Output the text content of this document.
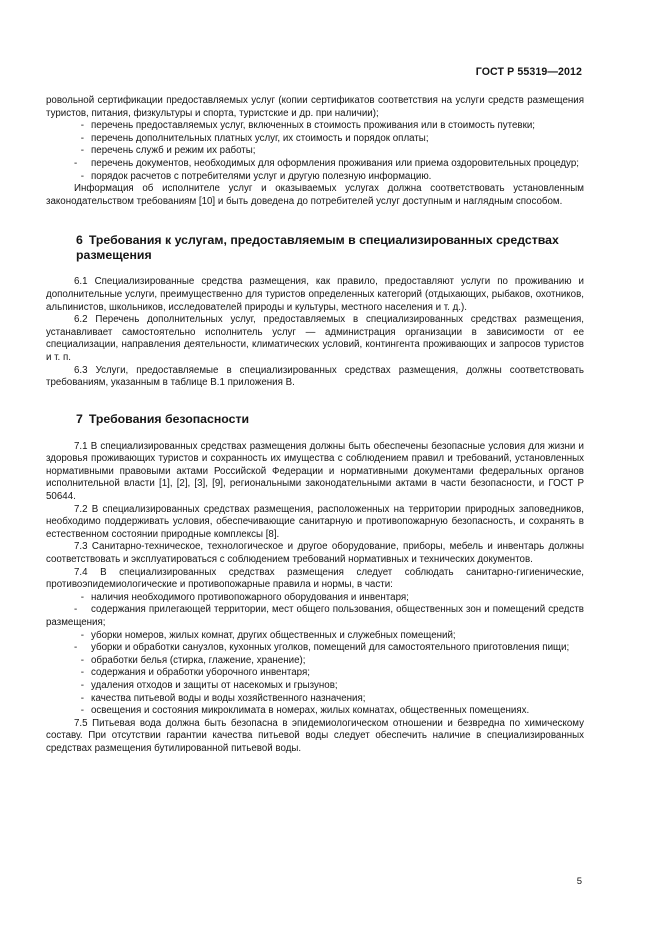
ГОСТ Р 55319—2012

ровольной сертификации предоставляемых услуг (копии сертификатов соответствия на услуги средств размещения туристов, питания, физкультуры и спорта, туристские и др. при наличии);

- перечень предоставляемых услуг, включенных в стоимость проживания или в стоимость путевки;
- перечень дополнительных платных услуг, их стоимость и порядок оплаты;
- перечень служб и режим их работы;
- перечень документов, необходимых для оформления проживания или приема оздоровительных процедур;
- порядок расчетов с потребителями услуг и другую полезную информацию.

Информация об исполнителе услуг и оказываемых услугах должна соответствовать установленным законодательством требованиям [10] и быть доведена до потребителей услуг доступным и наглядным способом.

6 Требования к услугам, предоставляемым в специализированных средствах размещения

6.1 Специализированные средства размещения, как правило, предоставляют услуги по проживанию и дополнительные услуги, преимущественно для туристов определенных категорий (отдыхающих, рыбаков, охотников, альпинистов, школьников, исследователей природы и культуры, местного населения и т. д.).

6.2 Перечень дополнительных услуг, предоставляемых в специализированных средствах размещения, устанавливает самостоятельно исполнитель услуг — администрация организации в зависимости от ее специализации, направления деятельности, климатических условий, контингента проживающих и запросов туристов и т. п.

6.3 Услуги, предоставляемые в специализированных средствах размещения, должны соответствовать требованиям, указанным в таблице В.1 приложения В.

7 Требования безопасности

7.1 В специализированных средствах размещения должны быть обеспечены безопасные условия для жизни и здоровья проживающих туристов и сохранность их имущества с соблюдением правил и требований, установленных нормативными правовыми актами Российской Федерации и нормативными документами федеральных органов исполнительной власти [1], [2], [3], [9], региональными законодательными актами в части безопасности, и ГОСТ Р 50644.

7.2 В специализированных средствах размещения, расположенных на территории природных заповедников, необходимо поддерживать условия, обеспечивающие санитарную и противопожарную безопасность, и сохранять в естественном состоянии природные комплексы [8].

7.3 Санитарно-техническое, технологическое и другое оборудование, приборы, мебель и инвентарь должны соответствовать и эксплуатироваться с соблюдением требований нормативных и технических документов.

7.4 В специализированных средствах размещения следует соблюдать санитарно-гигиенические, противоэпидемиологические и противопожарные правила и нормы, в части:

- наличия необходимого противопожарного оборудования и инвентаря;
- содержания прилегающей территории, мест общего пользования, общественных зон и помещений средств размещения;
- уборки номеров, жилых комнат, других общественных и служебных помещений;
- уборки и обработки санузлов, кухонных уголков, помещений для самостоятельного приготовления пищи;
- обработки белья (стирка, глажение, хранение);
- содержания и обработки уборочного инвентаря;
- удаления отходов и защиты от насекомых и грызунов;
- качества питьевой воды и воды хозяйственного назначения;
- освещения и состояния микроклимата в номерах, жилых комнатах, общественных помещениях.

7.5 Питьевая вода должна быть безопасна в эпидемиологическом отношении и безвредна по химическому составу. При отсутствии гарантии качества питьевой воды следует обеспечить наличие в специализированных средствах размещения бутилированной питьевой воды.

5
